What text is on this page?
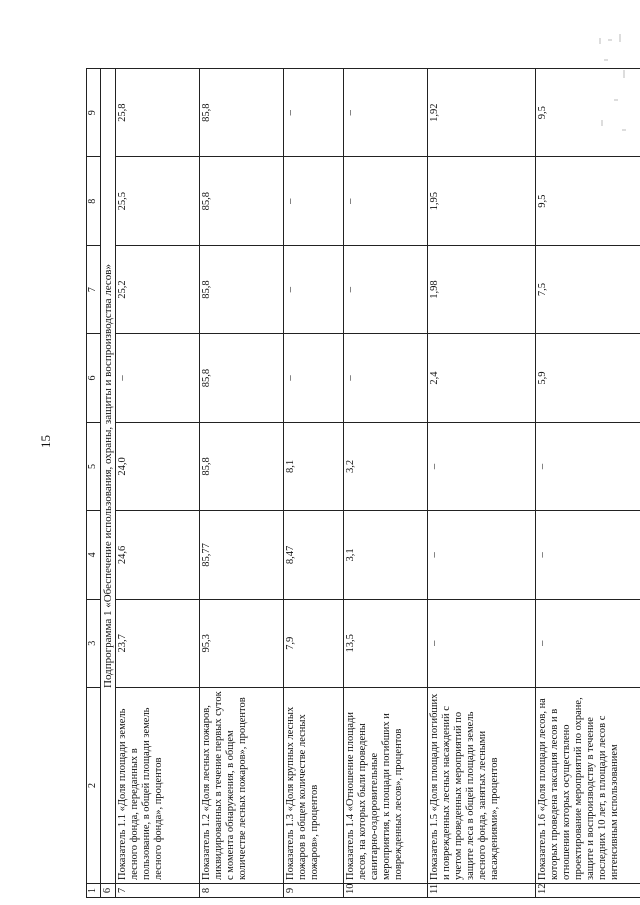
15
1	2	3	4	5	6	7	8	9
6	Подпрограмма 1 «Обеспечение использования, охраны, защиты и воспроизводства лесов»							
7	Показатель 1.1 «Доля площади земель лесного фонда, переданных в пользование, в общей площади земель лесного фонда», процентов	23,7	24,6	24,0	–	25,2	25,5	25,8
8	Показатель 1.2 «Доля лесных пожаров, ликвидированных в течение первых суток с момента обнаружения, в общем количестве лесных пожаров», процентов	95,3	85,77	85,8	85,8	85,8	85,8	85,8
9	Показатель 1.3 «Доля крупных лесных пожаров в общем количестве лесных пожаров», процентов	7,9	8,47	8,1	–	–	–	–
10	Показатель 1.4 «Отношение площади лесов, на которых были проведены санитарно-оздоровительные мероприятия, к площади погибших и поврежденных лесов», процентов	13,5	3,1	3,2	–	–	–	–
11	Показатель 1.5 «Доля площади погибших и поврежденных лесных насаждений с учетом проведенных мероприятий по защите леса в общей площади земель лесного фонда, занятых лесными насаждениями», процентов	–	–	–	2,4	1,98	1,95	1,92
12	Показатель 1.6 «Доля площади лесов, на которых проведена таксация лесов и в отношении которых осуществлено проектирование мероприятий по охране, защите и воспроизводству в течение последних 10 лет, в площади лесов с интенсивным использованием	–	–	–	5,9	7,5	9,5	9,5
